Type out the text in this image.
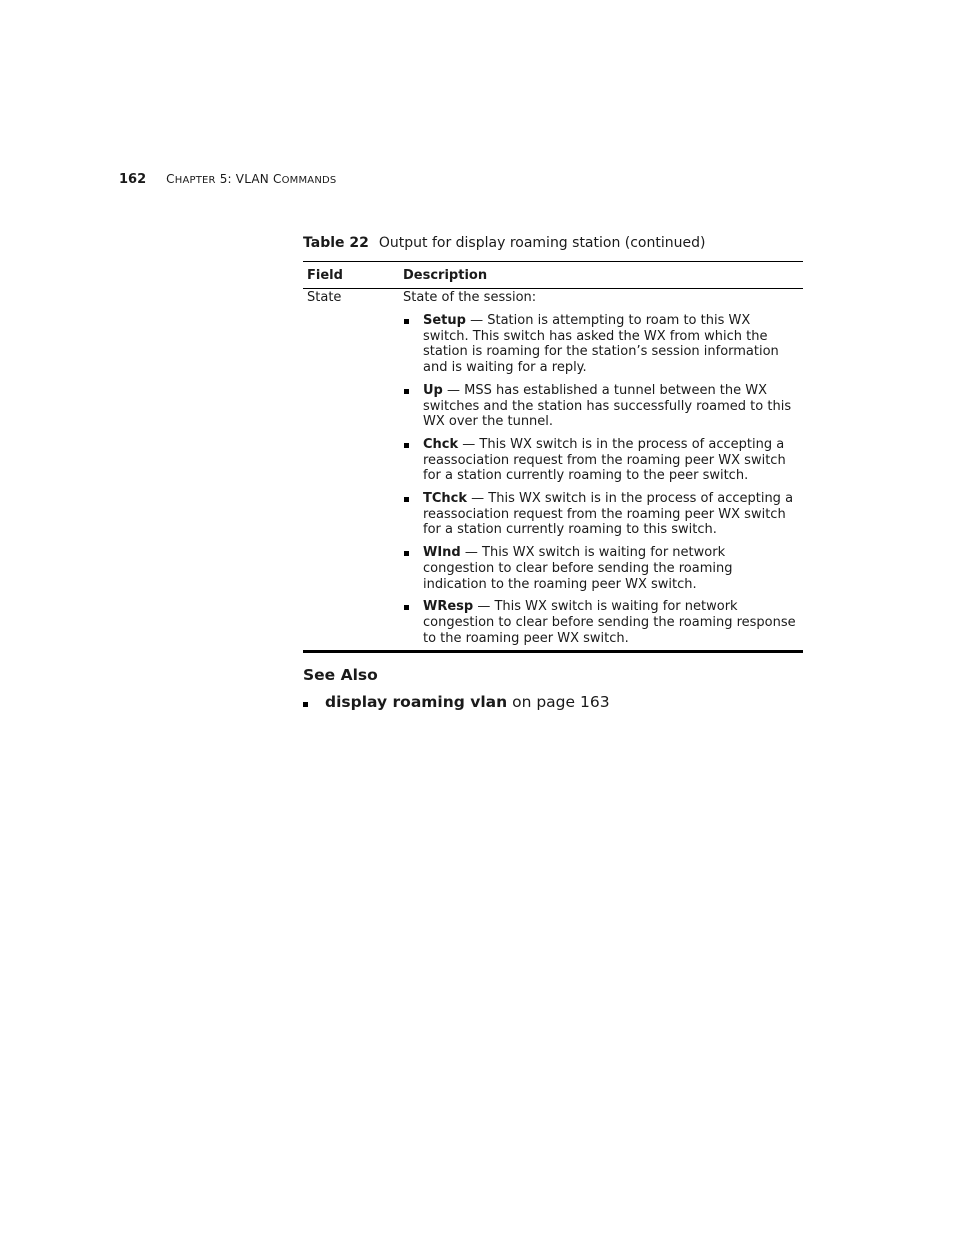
162 CHAPTER 5: VLAN COMMANDS
Table 22 Output for display roaming station (continued)
Field	Description
State	State of the session:
Setup — Station is attempting to roam to this WX switch. This switch has asked the WX from which the station is roaming for the station’s session information and is waiting for a reply.
Up — MSS has established a tunnel between the WX switches and the station has successfully roamed to this WX over the tunnel.
Chck — This WX switch is in the process of accepting a reassociation request from the roaming peer WX switch for a station currently roaming to the peer switch.
TChck — This WX switch is in the process of accepting a reassociation request from the roaming peer WX switch for a station currently roaming to this switch.
WInd — This WX switch is waiting for network congestion to clear before sending the roaming indication to the roaming peer WX switch.
WResp — This WX switch is waiting for network congestion to clear before sending the roaming response to the roaming peer WX switch.
See Also
display roaming vlan on page 163
